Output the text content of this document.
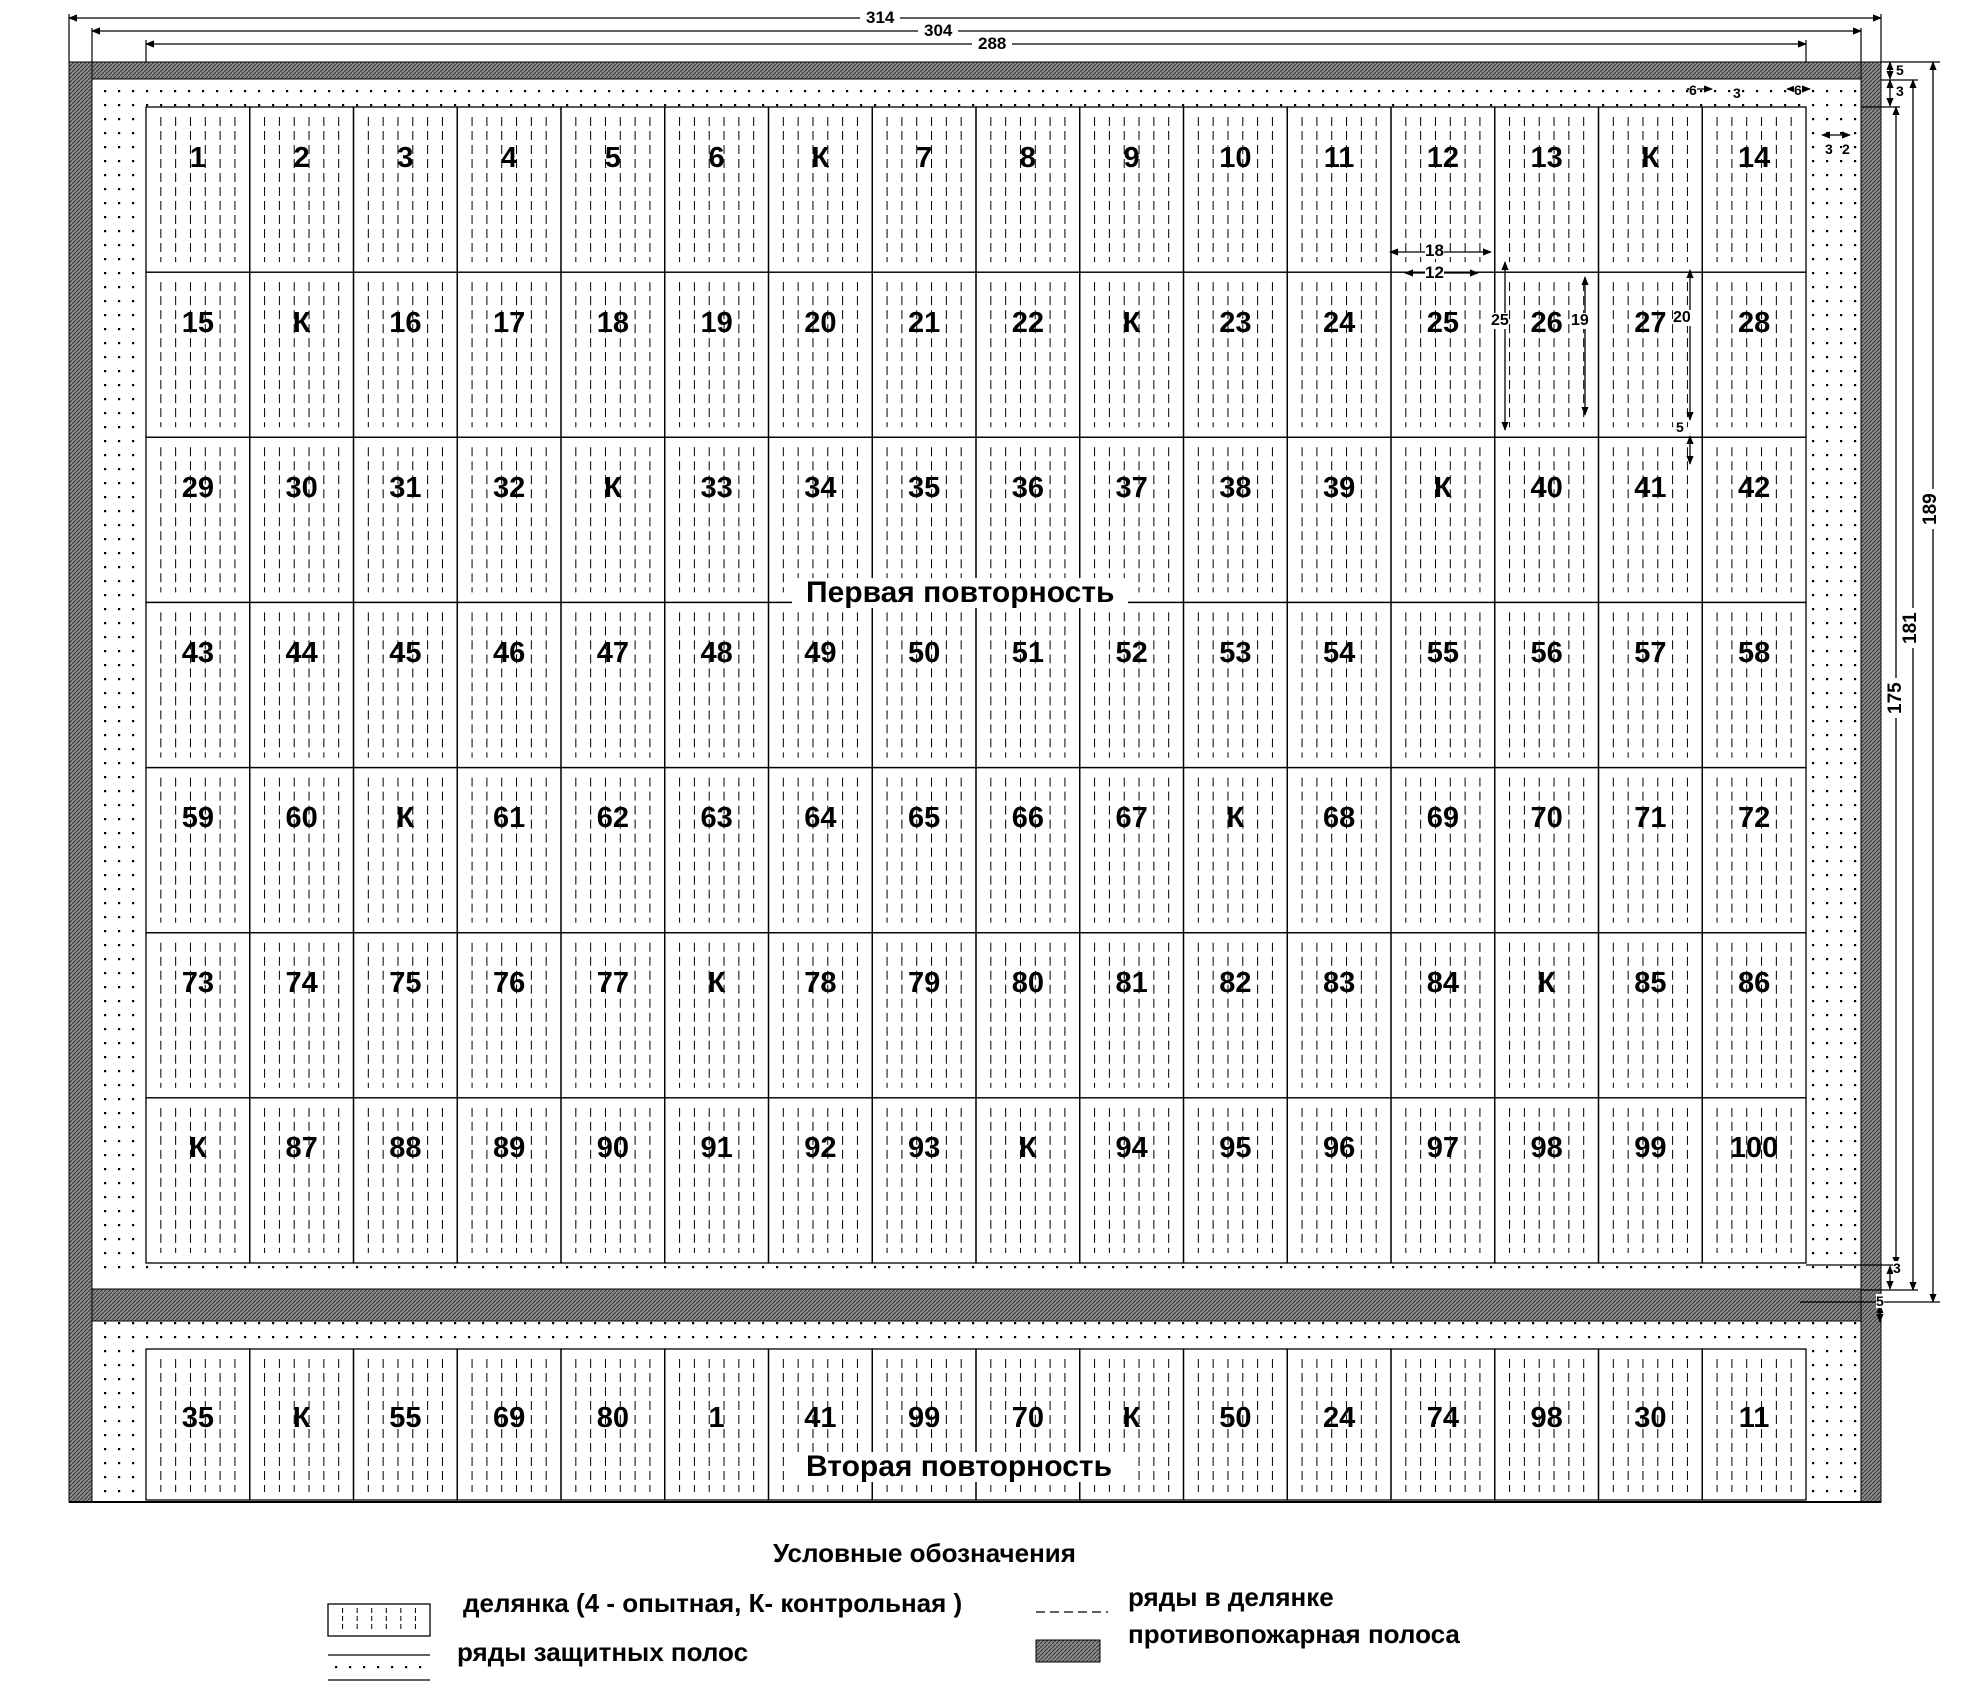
314
304
288
189
181
175
5
3
3
5
6	3	6
3 2
18
12
25	19	20
5
1	2	3	4	5	6	К	7	8	9	10	11	12	13	К	14
15	К	16	17	18	19	20	21	22	К	23	24	25	26	27	28
29	30	31	32	К	33	34	35	36	37	38	39	К	40	41	42
43	44	45	46	47	48	49	50	51	52	53	54	55	56	57	58
59	60	К	61	62	63	64	65	66	67	К	68	69	70	71	72
73	74	75	76	77	К	78	79	80	81	82	83	84	К	85	86
К	87	88	89	90	91	92	93	К	94	95	96	97	98	99	100
35	К	55	69	80	1	41	99	70	К	50	24	74	98	30	11
Первая повторность
Вторая повторность
Условные обозначения
делянка (4 - опытная, К- контрольная )	ряды в делянке
ряды защитных полос
противопожарная полоса
